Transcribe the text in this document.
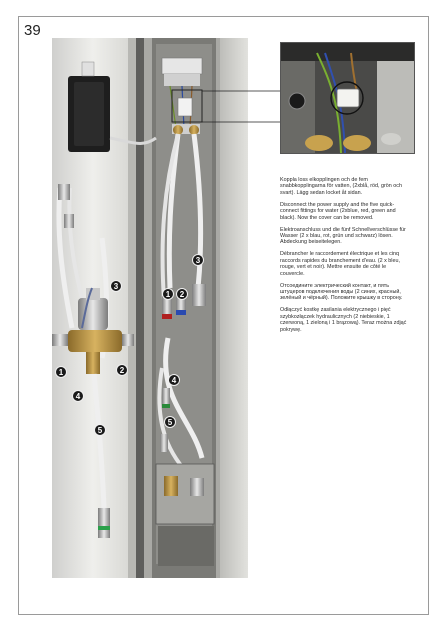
39
1	2
3
4
5
1	2
3
4
5

Koppla loss elkopplingen och de fem snabbkopplingarna för vatten, (2xblå, röd, grön och svart). Lägg sedan locket åt sidan.

Disconnect the power supply and the five quick-connect fittings for water (2xblue, red, green and black). Now the cover can be removed.

Elektroanschluss und die fünf Schnellverschlüsse für Wasser (2 x blau, rot, grün und schwarz) lösen. Abdeckung beiseitelegen.

Débrancher le raccordement électrique et les cinq raccords rapides du branchement d'eau. (2 x bleu, rouge, vert et noir). Mettre ensuite de côté le couvercle.

Отсоедините электрический контакт, и пять штуцеров подключения воды (2 синих, красный, зелёный и чёрный). Положите крышку в сторону.

Odłączyć kostkę zasilania elektrycznego i pięć szybkozłączek hydraulicznych (2 niebieskie, 1 czerwoną, 1 zieloną i 1 brązową). Teraz można zdjąć pokrywę.
